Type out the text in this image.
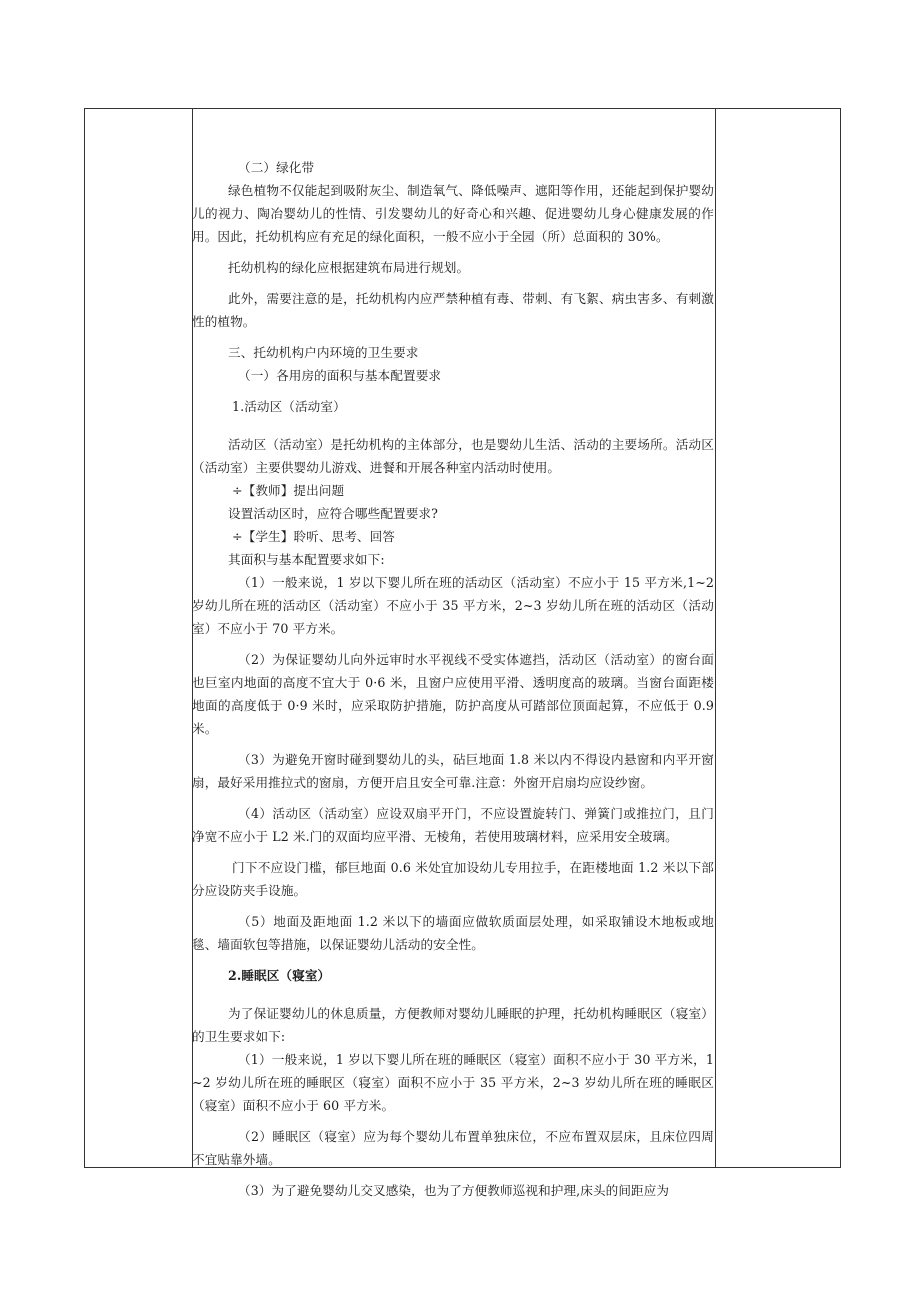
（二）绿化带

绿色植物不仅能起到吸附灰尘、制造氧气、降低噪声、遮阳等作用，还能起到保护婴幼儿的视力、陶冶婴幼儿的性情、引发婴幼儿的好奇心和兴趣、促进婴幼儿身心健康发展的作用。因此，托幼机构应有充足的绿化面积，一般不应小于全园（所）总面积的 30%。

托幼机构的绿化应根据建筑布局进行规划。

此外，需要注意的是，托幼机构内应严禁种植有毒、带刺、有飞絮、病虫害多、有刺激性的植物。

三、托幼机构户内环境的卫生要求

（一）各用房的面积与基本配置要求

1.活动区（活动室）

活动区（活动室）是托幼机构的主体部分，也是婴幼儿生活、活动的主要场所。活动区（活动室）主要供婴幼儿游戏、进餐和开展各种室内活动时使用。

÷【教师】提出问题

设置活动区时，应符合哪些配置要求?

÷【学生】聆听、思考、回答

其面积与基本配置要求如下:

（1）一般来说，1 岁以下婴儿所在班的活动区（活动室）不应小于 15 平方米,1~2 岁幼儿所在班的活动区（活动室）不应小于 35 平方米，2~3 岁幼儿所在班的活动区（活动室）不应小于 70 平方米。

（2）为保证婴幼儿向外远审时水平视线不受实体遮挡，活动区（活动室）的窗台面也巨室内地面的高度不宜大于 0·6 米，且窗户应使用平滑、透明度高的玻璃。当窗台面距楼地面的高度低于 0·9 米时，应采取防护措施，防护高度从可踏部位顶面起算，不应低于 0.9 米。

（3）为避免开窗时碰到婴幼儿的头，砧巨地面 1.8 米以内不得设内悬窗和内平开窗扇，最好采用推拉式的窗扇，方便开启且安全可靠.注意：外窗开启扇均应设纱窗。

（4）活动区（活动室）应设双扇平开门，不应设置旋转门、弹簧门或推拉门，且门净宽不应小于 L2 米.门的双面均应平滑、无棱角，若使用玻璃材料，应采用安全玻璃。

门下不应设门槛，郁巨地面 0.6 米处宜加设幼儿专用拉手，在距楼地面 1.2 米以下部分应设防夹手设施。

（5）地面及距地面 1.2 米以下的墙面应做软质面层处理，如采取铺设木地板或地毯、墙面软包等措施，以保证婴幼儿活动的安全性。

2.睡眠区（寝室）

为了保证婴幼儿的休息质量，方便教师对婴幼儿睡眠的护理，托幼机构睡眠区（寝室）的卫生要求如下:

（1）一般来说，1 岁以下婴儿所在班的睡眠区（寝室）面积不应小于 30 平方米，1~2 岁幼儿所在班的睡眠区（寝室）面积不应小于 35 平方米，2~3 岁幼儿所在班的睡眠区（寝室）面积不应小于 60 平方米。

（2）睡眠区（寝室）应为每个婴幼儿布置单独床位，不应布置双层床，且床位四周不宜贴靠外墙。

（3）为了避免婴幼儿交叉感染，也为了方便教师巡视和护理,床头的间距应为
